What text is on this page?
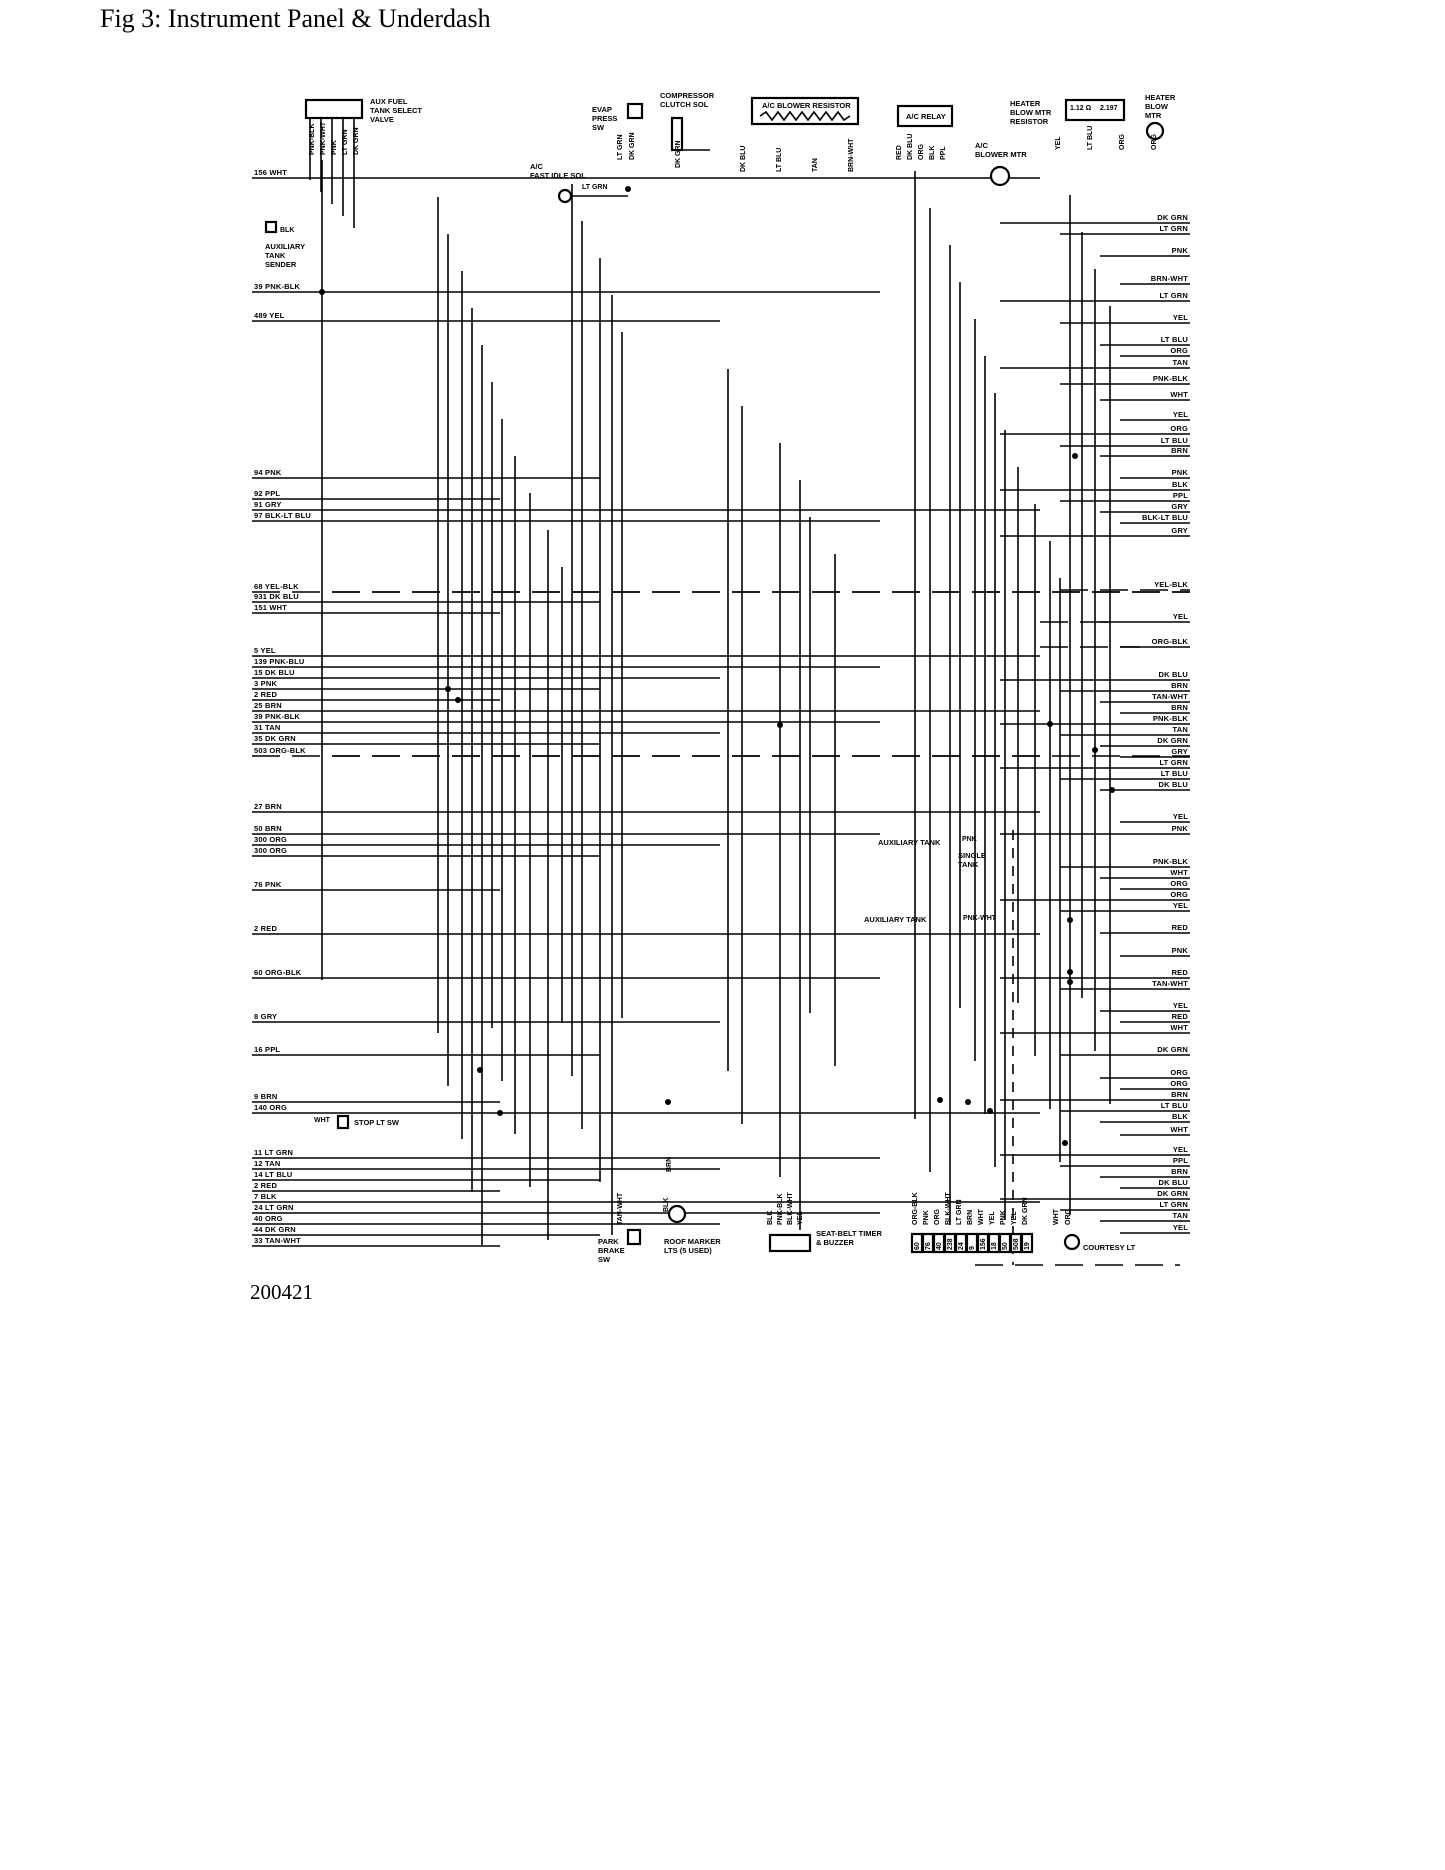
Fig 3: Instrument Panel & Underdash
156 WHT
39 PNK-BLK
489 YEL
94 PNK
92 PPL
91 GRY
97 BLK-LT BLU
68 YEL-BLK
931 DK BLU
151 WHT
5 YEL
139 PNK-BLU
15 DK BLU
3 PNK
2 RED
25 BRN
39 PNK-BLK
31 TAN
35 DK GRN
503 ORG-BLK
27 BRN
50 BRN
300 ORG
300 ORG
76 PNK
2 RED
60 ORG-BLK
8 GRY
16 PPL
9 BRN
140 ORG
11 LT GRN
12 TAN
14 LT BLU
2 RED
7 BLK
24 LT GRN
40 ORG
44 DK GRN
33 TAN-WHT
DK GRN
LT GRN
PNK
BRN-WHT
LT GRN
YEL
LT BLU
ORG
TAN
PNK-BLK
WHT
YEL
ORG
LT BLU
BRN
PNK
BLK
PPL
GRY
BLK-LT BLU
GRY
YEL-BLK
YEL
ORG-BLK
DK BLU
BRN
TAN-WHT
BRN
PNK-BLK
TAN
DK GRN
GRY
LT GRN
LT BLU
DK BLU
YEL
PNK
PNK-BLK
WHT
ORG
ORG
YEL
RED
PNK
RED
TAN-WHT
YEL
RED
WHT
DK GRN
ORG
ORG
BRN
LT BLU
BLK
WHT
YEL
PPL
BRN
DK BLU
DK GRN
LT GRN
TAN
YEL
AUX FUEL
TANK SELECT
VALVE
PNK-BLK PNK-WHT PNK LT GRN DK GRN
EVAP
PRESS
SW
LT GRN DK GRN
COMPRESSOR
CLUTCH SOL
DK GRN
A/C BLOWER RESISTOR
DK BLU	LT BLU	TAN	BRN-WHT
A/C RELAY
RED DK BLU ORG BLK PPL
HEATER
BLOW MTR
RESISTOR
1.12 Ω 2.197
YEL	LT BLU	ORG	ORG
HEATER
BLOW
MTR
A/C
BLOWER MTR
A/C
FAST IDLE SOL
LT GRN
AUXILIARY
TANK
SENDER
BLK
AUXILIARY TANK	PNK
SINGLE
TANK
AUXILIARY TANK	PNK-WHT
STOP LT SW
WHT
PARK
BRAKE
SW
TAN-WHT
ROOF MARKER
LTS (5 USED)
BRN
BLK
SEAT-BELT TIMER
& BUZZER
BLK PNK-BLK BLK-WHT YEL
60 76 40 238 24 9 156 18 50 508 19
ORG-BLK PNK ORG BLK-WHT LT GRN BRN WHT YEL PNK YEL DK GRN
COURTESY LT
WHT ORG
200421
